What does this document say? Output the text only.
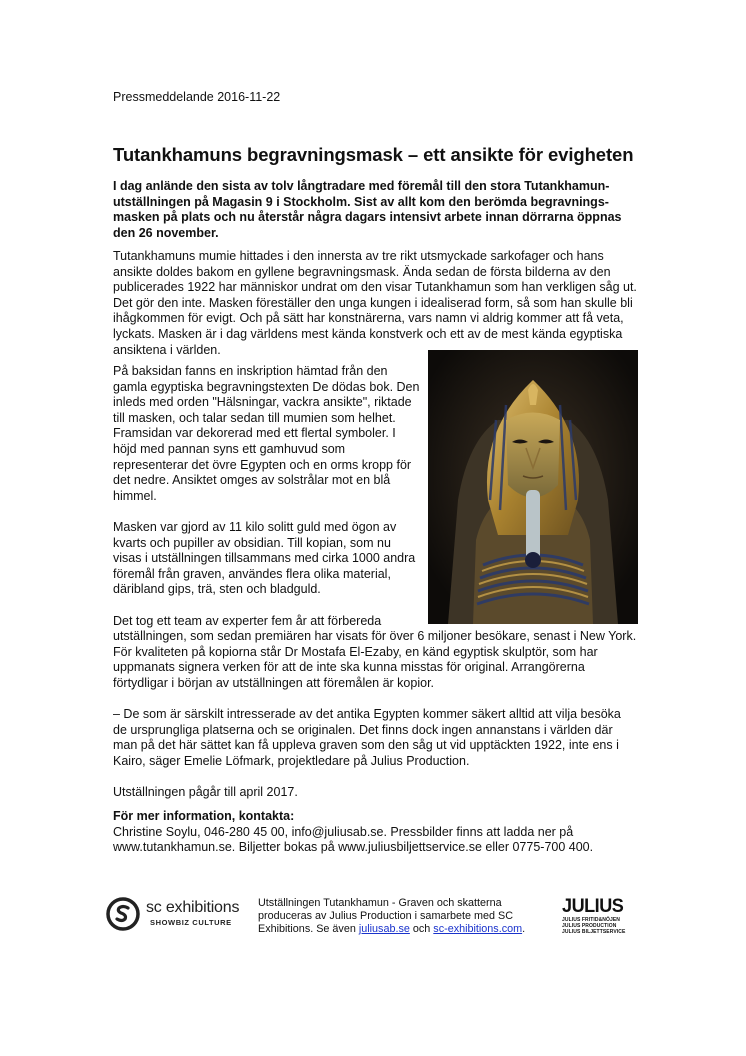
Pressmeddelande 2016-11-22
Tutankhamuns begravningsmask – ett ansikte för evigheten

I dag anlände den sista av tolv långtradare med föremål till den stora Tutankhamun-utställningen på Magasin 9 i Stockholm. Sist av allt kom den berömda begravnings-masken på plats och nu återstår några dagars intensivt arbete innan dörrarna öppnas den 26 november.

Tutankhamuns mumie hittades i den innersta av tre rikt utsmyckade sarkofager och hans ansikte doldes bakom en gyllene begravningsmask. Ända sedan de första bilderna av den publicerades 1922 har människor undrat om den visar Tutankhamun som han verkligen såg ut. Det gör den inte. Masken föreställer den unga kungen i idealiserad form, så som han skulle bli ihågkommen för evigt. Och på sätt har konstnärerna, vars namn vi aldrig kommer att få veta, lyckats. Masken är i dag världens mest kända konstverk och ett av de mest kända egyptiska ansiktena i världen.

På baksidan fanns en inskription hämtad från den gamla egyptiska begravningstexten De dödas bok. Den inleds med orden "Hälsningar, vackra ansikte", riktade till masken, och talar sedan till mumien som helhet. Framsidan var dekorerad med ett flertal symboler. I höjd med pannan syns ett gamhuvud som representerar det övre Egypten och en orms kropp för det nedre. Ansiktet omges av solstrålar mot en blå himmel.

Masken var gjord av 11 kilo solitt guld med ögon av kvarts och pupiller av obsidian. Till kopian, som nu visas i utställningen tillsammans med cirka 1000 andra föremål från graven, användes flera olika material, däribland gips, trä, sten och bladguld.

Det tog ett team av experter fem år att förbereda utställningen, som sedan premiären har visats för över 6 miljoner besökare, senast i New York. För kvaliteten på kopiorna står Dr Mostafa El-Ezaby, en känd egyptisk skulptör, som har uppmanats signera verken för att de inte ska kunna misstas för original. Arrangörerna förtydligar i början av utställningen att föremålen är kopior.

– De som är särskilt intresserade av det antika Egypten kommer säkert alltid att vilja besöka de ursprungliga platserna och se originalen. Det finns dock ingen annanstans i världen där man på det här sättet kan få uppleva graven som den såg ut vid upptäckten 1922, inte ens i Kairo, säger Emelie Löfmark, projektledare på Julius Production.

Utställningen pågår till april 2017.

För mer information, kontakta:
Christine Soylu, 046-280 45 00, info@juliusab.se. Pressbilder finns att ladda ner på www.tutankhamun.se. Biljetter bokas på www.juliusbiljettservice.se eller 0775-700 400.
sc exhibitions
SHOWBIZ CULTURE
Utställningen Tutankhamun - Graven och skatterna produceras av Julius Production i samarbete med SC Exhibitions. Se även juliusab.se och sc-exhibitions.com.
JULIUS
JULIUS FRITID&NÖJEN
JULIUS PRODUCTION
JULIUS BILJETTSERVICE
